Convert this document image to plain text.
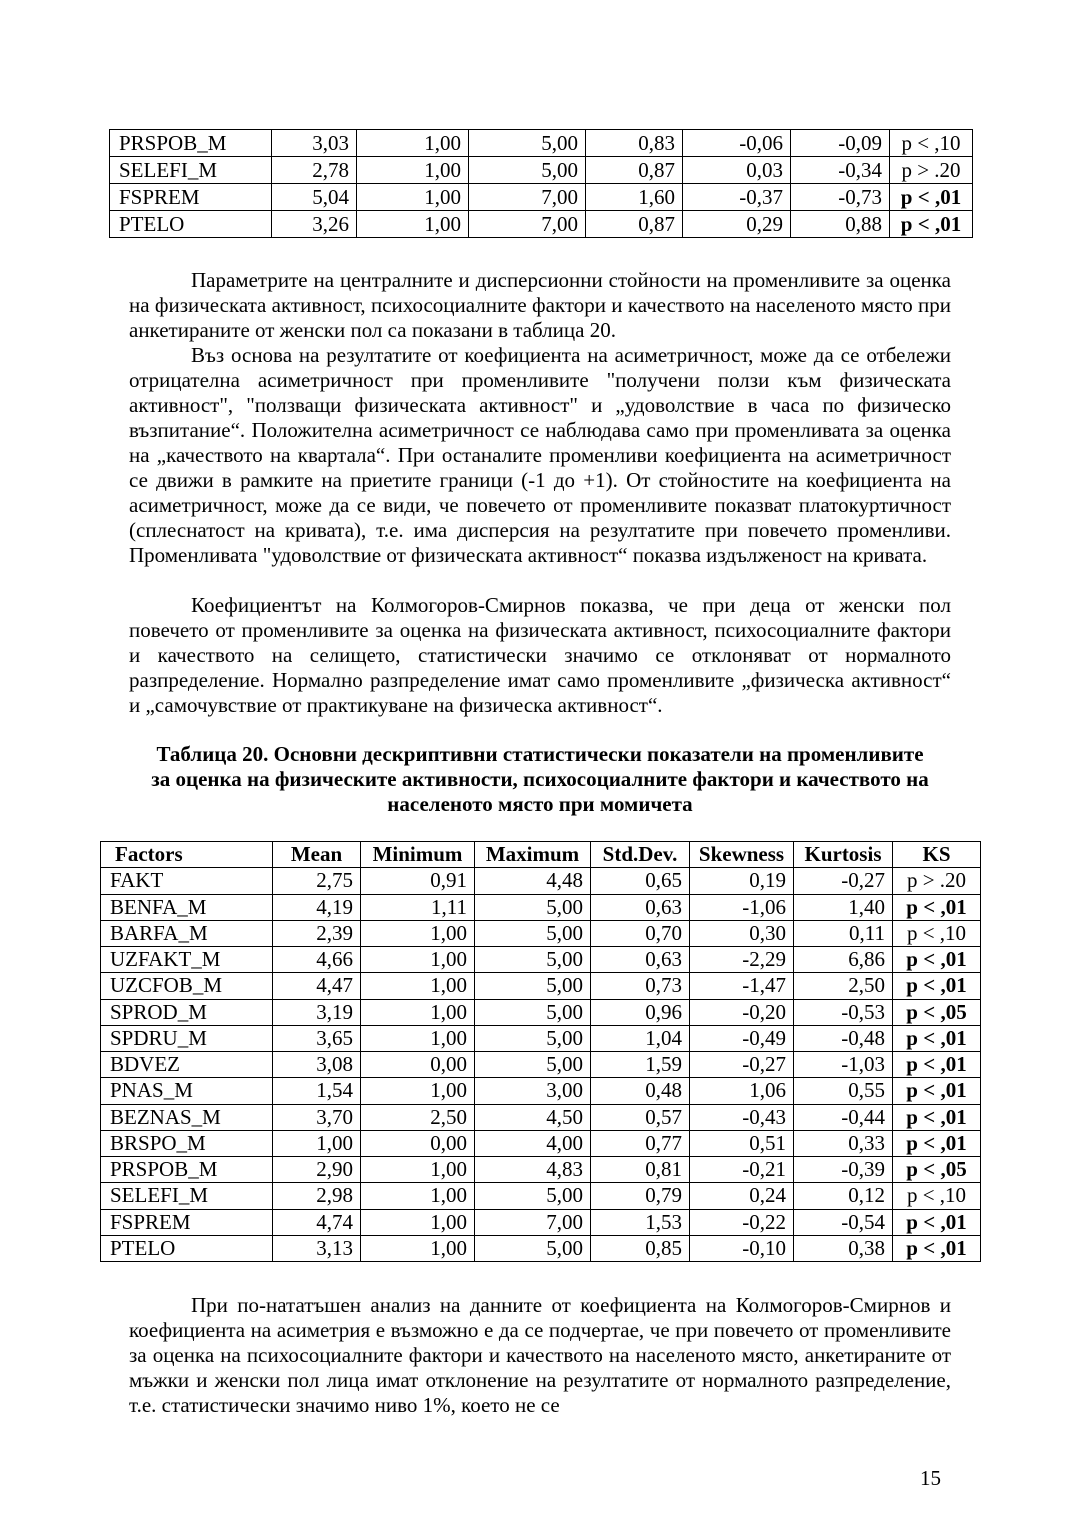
PRSPOB_M	3,03	1,00	5,00	0,83	-0,06	-0,09	p < ,10
SELEFI_M	2,78	1,00	5,00	0,87	0,03	-0,34	p > .20
FSPREM	5,04	1,00	7,00	1,60	-0,37	-0,73	p < ,01
PTELO	3,26	1,00	7,00	0,87	0,29	0,88	p < ,01

Параметрите на централните и дисперсионни стойности на променливите за оценка на физическата активност, психосоциалните фактори и качеството на населеното място при анкетираните от женски пол са показани в таблица 20.

Въз основа на резултатите от коефициента на асиметричност, може да се отбележи отрицателна асиметричност при променливите "получени ползи към физическата активност", "ползващи физическата активност" и „удоволствие в часа по физическо възпитание“. Положителна асиметричност се наблюдава само при променливата за оценка на „качеството на квартала“. При останалите променливи коефициента на асиметричност се движи в рамките на приетите граници (-1 до +1). От стойностите на коефициента на асиметричност, може да се види, че повечето от променливите показват платокуртичност (сплеснатост на кривата), т.е. има дисперсия на резултатите при повечето променливи. Променливата "удоволствие от физическата активност“ показва издълженост на кривата.

Коефициентът на Колмогоров-Смирнов показва, че при деца от женски пол повечето от променливите за оценка на физическата активност, психосоциалните фактори и качеството на селището, статистически значимо се отклоняват от нормалното разпределение. Нормално разпределение имат само променливите „физическа активност“ и „самочувствие от практикуване на физическа активност“.

Таблица 20. Основни дескриптивни статистически показатели на променливите
за оценка на физическите активности, психосоциалните фактори и качеството на
населеното място при момичета
Factors	Mean	Minimum	Maximum	Std.Dev.	Skewness	Kurtosis	KS
FAKT	2,75	0,91	4,48	0,65	0,19	-0,27	p > .20
BENFA_M	4,19	1,11	5,00	0,63	-1,06	1,40	p < ,01
BARFA_M	2,39	1,00	5,00	0,70	0,30	0,11	p < ,10
UZFAKT_M	4,66	1,00	5,00	0,63	-2,29	6,86	p < ,01
UZCFOB_M	4,47	1,00	5,00	0,73	-1,47	2,50	p < ,01
SPROD_M	3,19	1,00	5,00	0,96	-0,20	-0,53	p < ,05
SPDRU_M	3,65	1,00	5,00	1,04	-0,49	-0,48	p < ,01
BDVEZ	3,08	0,00	5,00	1,59	-0,27	-1,03	p < ,01
PNAS_M	1,54	1,00	3,00	0,48	1,06	0,55	p < ,01
BEZNAS_M	3,70	2,50	4,50	0,57	-0,43	-0,44	p < ,01
BRSPO_M	1,00	0,00	4,00	0,77	0,51	0,33	p < ,01
PRSPOB_M	2,90	1,00	4,83	0,81	-0,21	-0,39	p < ,05
SELEFI_M	2,98	1,00	5,00	0,79	0,24	0,12	p < ,10
FSPREM	4,74	1,00	7,00	1,53	-0,22	-0,54	p < ,01
PTELO	3,13	1,00	5,00	0,85	-0,10	0,38	p < ,01

При по-нататъшен анализ на данните от коефициента на Колмогоров-Смирнов и коефициента на асиметрия е възможно е да се подчертае, че при повечето от променливите за оценка на психосоциалните фактори и качеството на населеното място, анкетираните от мъжки и женски пол лица имат отклонение на резултатите от нормалното разпределение, т.е. статистически значимо ниво 1%, което не се

15
